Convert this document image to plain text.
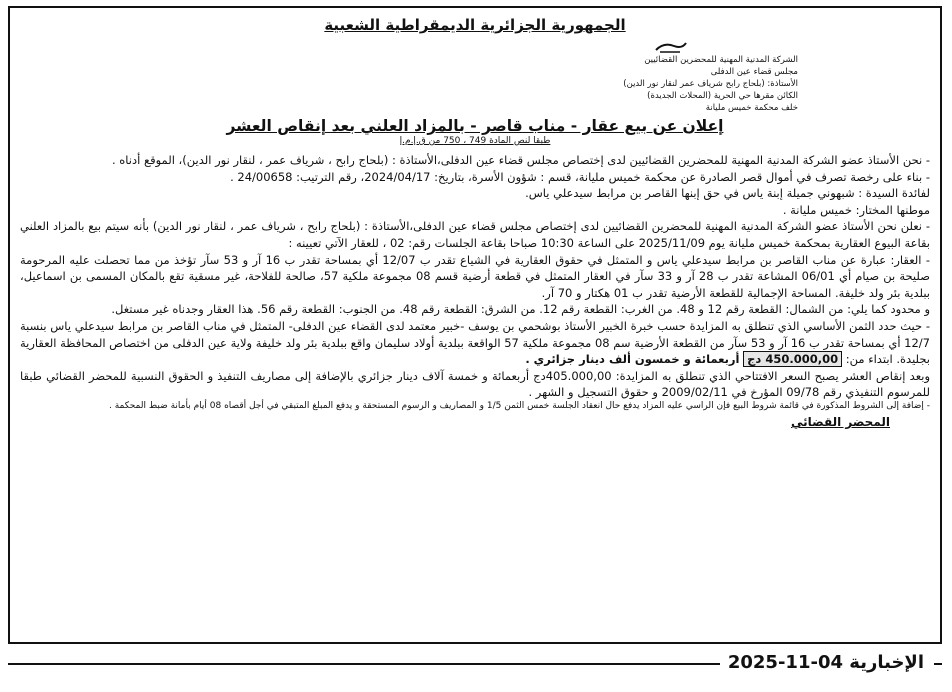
الجمهورية الجزائرية الديمقراطية الشعبية
الشركة المدنية المهنية للمحضرين القضائيين
مجلس قضاء عين الدفلى
الأستاذة: (بلحاج رابح شرياف عمر لنقار نور الدين)
الكائن مقرها حي الحرية (المحلات الجديدة)
خلف محكمة خميس مليانة
إعلان عن بيع عقار - مناب قاصر - بالمزاد العلني بعد إنقاص العشر
طبقا لنص المادة 749 ، 750 من ق.إ.م.إ

- نحن الأستاذ عضو الشركة المدنية المهنية للمحضرين القضائيين لدى إختصاص مجلس قضاء عين الدفلى،الأستاذة : (بلحاج رابح ، شرياف عمر ، لنقار نور الدين)، الموقع أدناه .

- بناء على رخصة تصرف في أموال قصر الصادرة عن محكمة خميس مليانة، قسم : شؤون الأسرة، بتاريخ: 2024/04/17، رقم الترتيب: 24/00658 .

لفائدة السيدة : شبهوني جميلة إبنة ياس في حق إبنها القاصر بن مرابط سيدعلي ياس.

موطنها المختار: خميس مليانة .

- نعلن نحن الأستاذ عضو الشركة المدنية المهنية للمحضرين القضائيين لدى إختصاص مجلس قضاء عين الدفلى،الأستاذة : (بلحاج رابح ، شرياف عمر ، لنقار نور الدين) بأنه سيتم بيع بالمزاد العلني بقاعة البيوع العقارية بمحكمة خميس مليانة يوم 2025/11/09 على الساعة 10:30 صباحا بقاعة الجلسات رقم: 02 ، للعقار الآتي تعيينه :

- العقار: عبارة عن مناب القاصر بن مرابط سيدعلي ياس و المتمثل في حقوق العقارية في الشياع تقدر ب 12/07 أي بمساحة تقدر ب 16 آر و 53 سآر تؤخذ من مما تحصلت عليه المرحومة صليحة بن صيام أي 06/01 المشاعة تقدر ب 28 آر و 33 سآر في العقار المتمثل في قطعة أرضية قسم 08 مجموعة ملكية 57، صالحة للفلاحة، غير مسقية تقع بالمكان المسمى بن اسماعيل، ببلدية بئر ولد خليفة. المساحة الإجمالية للقطعة الأرضية تقدر ب 01 هكتار و 70 آر.

و محدود كما يلي: من الشمال: القطعة رقم 12 و 48. من الغرب: القطعة رقم 12. من الشرق: القطعة رقم 48. من الجنوب: القطعة رقم 56. هذا العقار وجدناه غير مستغل.

- حيث حدد الثمن الأساسي الذي تنطلق به المزايدة حسب خبرة الخبير الأستاذ بوشحمي بن يوسف -خبير معتمد لدى القضاء عين الدفلى- المتمثل في مناب القاصر بن مرابط سيدعلي ياس بنسبة 12/7 أي بمساحة تقدر ب 16 آر و 53 سآر من القطعة الأرضية سم 08 مجموعة ملكية 57 الواقعة ببلدية أولاد سليمان واقع ببلدية بئر ولد خليفة ولاية عين الدفلى من اختصاص المحافظة العقارية بجليدة. ابتداء من: 450.000,00 دج أربعمائة و خمسون ألف دينار جزائري .

وبعد إنقاص العشر يصبح السعر الافتتاحي الذي تنطلق به المزايدة: 405.000,00دج أربعمائة و خمسة آلاف دينار جزائري بالإضافة إلى مصاريف التنفيذ و الحقوق النسبية للمحضر القضائي طبقا للمرسوم التنفيذي رقم 09/78 المؤرخ في 2009/02/11 و حقوق التسجيل و الشهر .

- إضافة إلى الشروط المذكورة في قائمة شروط البيع فإن الراسي عليه المزاد يدفع حال انعقاد الجلسة خمس الثمن 1/5 و المصاريف و الرسوم المستحقة و يدفع المبلغ المتبقي في أجل أقصاه 08 أيام بأمانة ضبط المحكمة .

المحضر القضائي
الإخبارية 04-11-2025
